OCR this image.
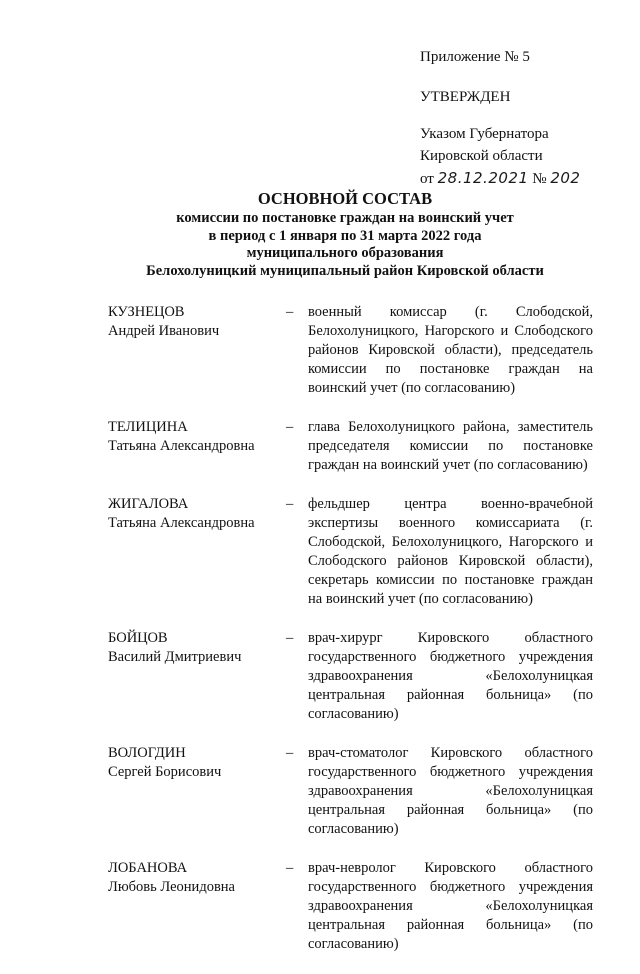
Приложение № 5
УТВЕРЖДЕН
Указом Губернатора
Кировской области
от 28.12.2021 № 202
ОСНОВНОЙ СОСТАВ
комиссии по постановке граждан на воинский учет
в период с 1 января по 31 марта 2022 года
муниципального образования
Белохолуницкий муниципальный район Кировской области
КУЗНЕЦОВ
Андрей Иванович
–	военный комиссар (г. Слободской, Белохолуницкого, Нагорского и Слободского районов Кировской области), председатель комиссии по постановке граждан на воинский учет (по согласованию)
ТЕЛИЦИНА
Татьяна Александровна
–	глава Белохолуницкого района, заместитель председателя комиссии по постановке граждан на воинский учет (по согласованию)
ЖИГАЛОВА
Татьяна Александровна
–	фельдшер центра военно-врачебной экспертизы военного комиссариата (г. Слободской, Белохолуницкого, Нагорского и Слободского районов Кировской области), секретарь комиссии по постановке граждан на воинский учет (по согласованию)
БОЙЦОВ
Василий Дмитриевич
–	врач-хирург Кировского областного государственного бюджетного учреждения здравоохранения «Белохолуницкая центральная районная больница» (по согласованию)
ВОЛОГДИН
Сергей Борисович
–	врач-стоматолог Кировского областного государственного бюджетного учреждения здравоохранения «Белохолуницкая центральная районная больница» (по согласованию)
ЛОБАНОВА
Любовь Леонидовна
–	врач-невролог Кировского областного государственного бюджетного учреждения здравоохранения «Белохолуницкая центральная районная больница» (по согласованию)
